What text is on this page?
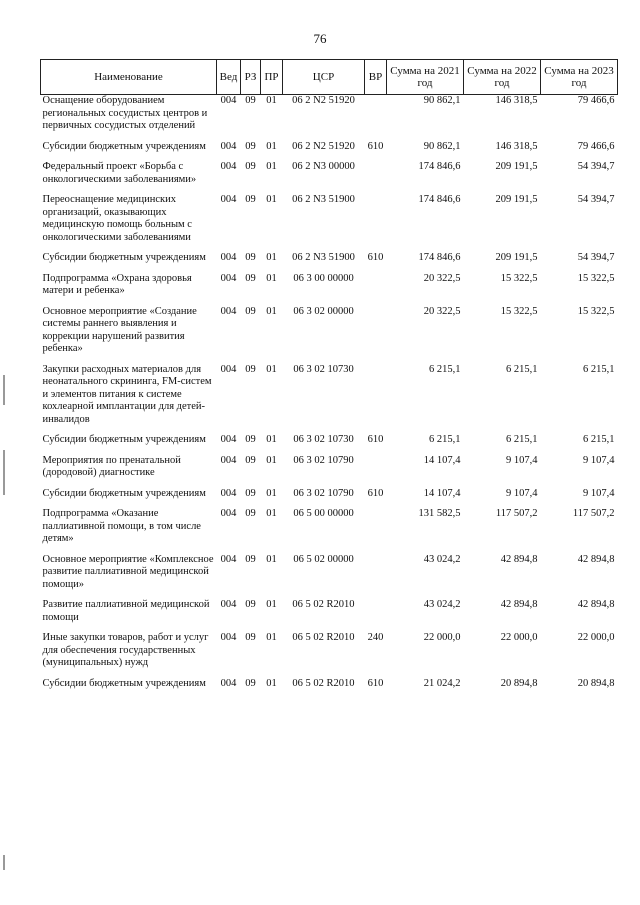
76
Наименование	Вед	РЗ	ПР	ЦСР	ВР	Сумма на 2021 год	Сумма на 2022 год	Сумма на 2023 год
Оснащение оборудованием региональных сосудистых центров и первичных сосудистых отделений	004	09	01	06 2 N2 51920		90 862,1	146 318,5	79 466,6
Субсидии бюджетным учреждениям	004	09	01	06 2 N2 51920	610	90 862,1	146 318,5	79 466,6
Федеральный проект «Борьба с онкологическими заболеваниями»	004	09	01	06 2 N3 00000		174 846,6	209 191,5	54 394,7
Переоснащение медицинских организаций, оказывающих медицинскую помощь больным с онкологическими заболеваниями	004	09	01	06 2 N3 51900		174 846,6	209 191,5	54 394,7
Субсидии бюджетным учреждениям	004	09	01	06 2 N3 51900	610	174 846,6	209 191,5	54 394,7
Подпрограмма «Охрана здоровья матери и ребенка»	004	09	01	06 3 00 00000		20 322,5	15 322,5	15 322,5
Основное мероприятие «Создание системы раннего выявления и коррекции нарушений развития ребенка»	004	09	01	06 3 02 00000		20 322,5	15 322,5	15 322,5
Закупки расходных материалов для неонатального скрининга, FM-систем и элементов питания к системе кохлеарной имплантации для детей-инвалидов	004	09	01	06 3 02 10730		6 215,1	6 215,1	6 215,1
Субсидии бюджетным учреждениям	004	09	01	06 3 02 10730	610	6 215,1	6 215,1	6 215,1
Мероприятия по пренатальной (дородовой) диагностике	004	09	01	06 3 02 10790		14 107,4	9 107,4	9 107,4
Субсидии бюджетным учреждениям	004	09	01	06 3 02 10790	610	14 107,4	9 107,4	9 107,4
Подпрограмма «Оказание паллиативной помощи, в том числе детям»	004	09	01	06 5 00 00000		131 582,5	117 507,2	117 507,2
Основное мероприятие «Комплексное развитие паллиативной медицинской помощи»	004	09	01	06 5 02 00000		43 024,2	42 894,8	42 894,8
Развитие паллиативной медицинской помощи	004	09	01	06 5 02 R2010		43 024,2	42 894,8	42 894,8
Иные закупки товаров, работ и услуг для обеспечения государственных (муниципальных) нужд	004	09	01	06 5 02 R2010	240	22 000,0	22 000,0	22 000,0
Субсидии бюджетным учреждениям	004	09	01	06 5 02 R2010	610	21 024,2	20 894,8	20 894,8
